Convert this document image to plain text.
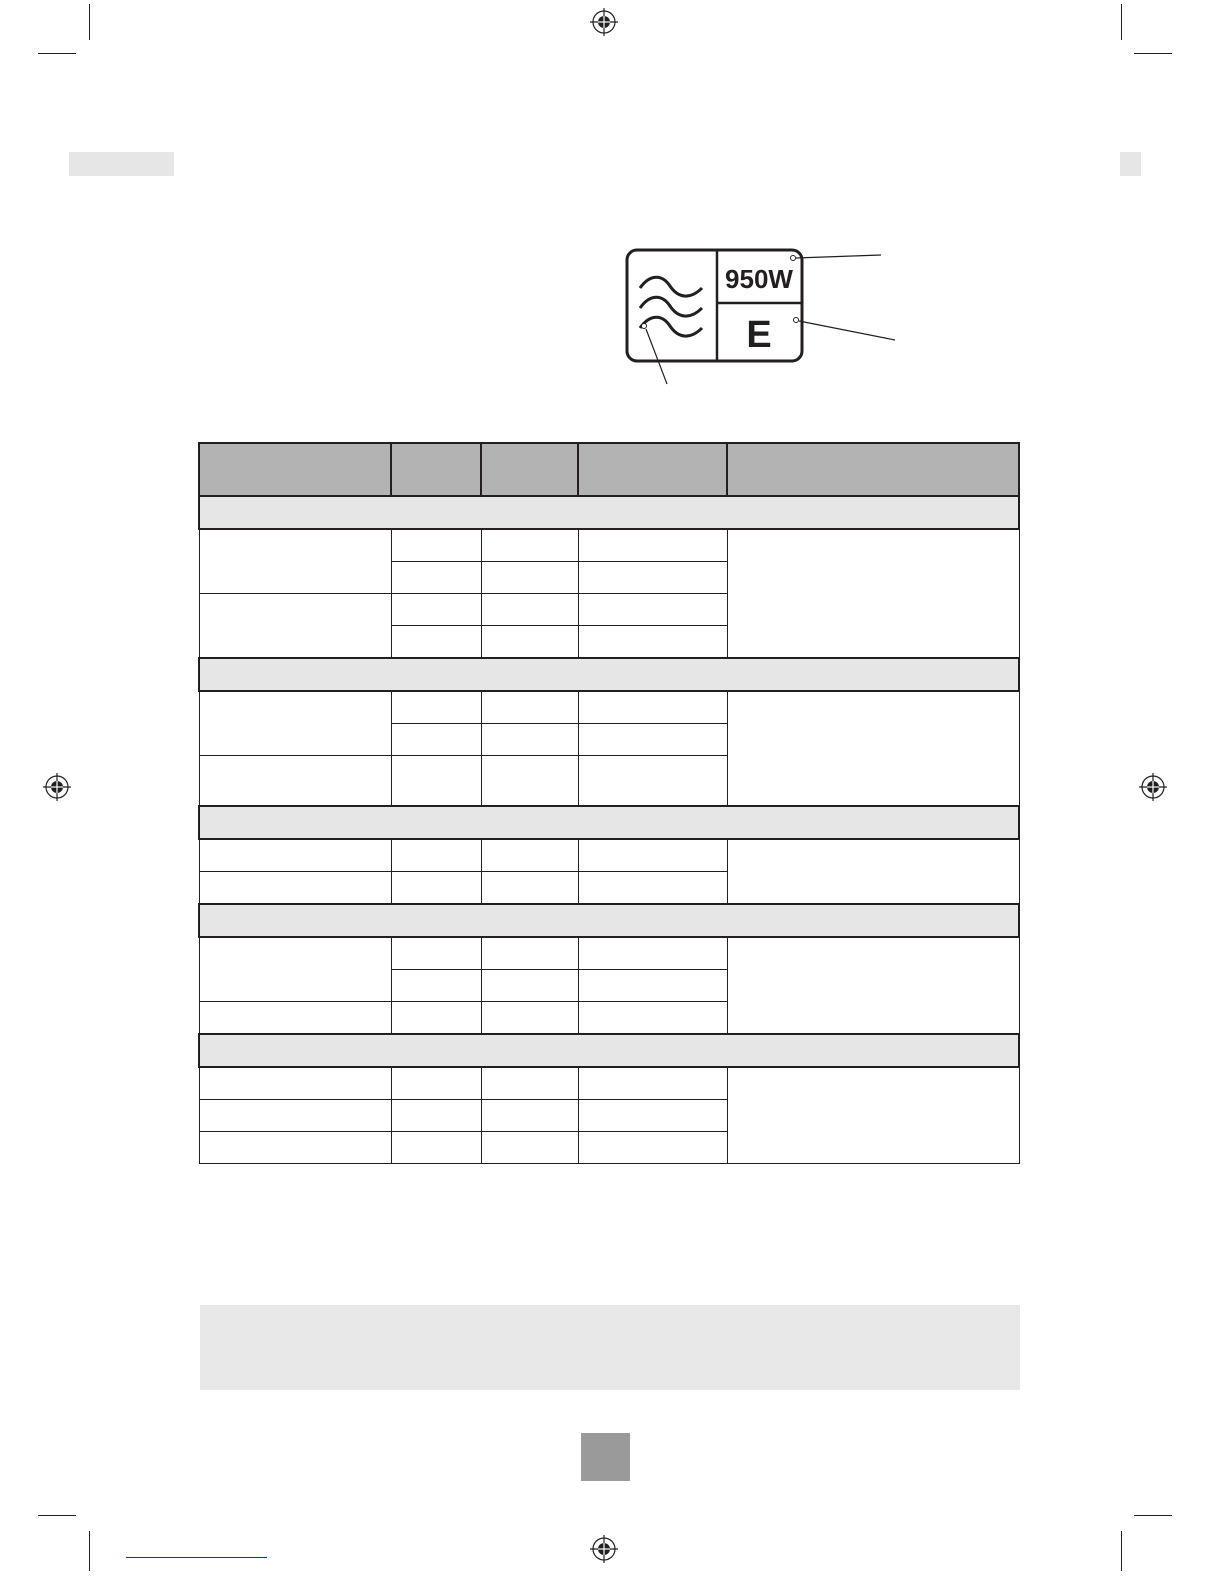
950W
E
